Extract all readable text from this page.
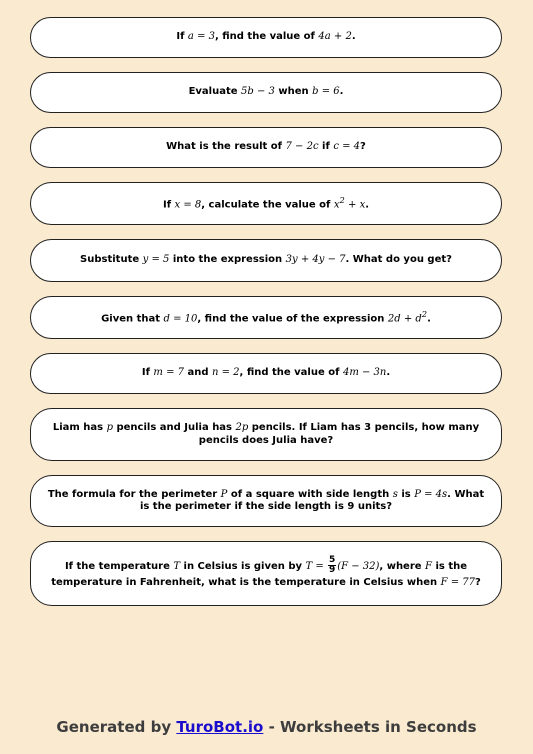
If a = 3, find the value of 4a + 2.
Evaluate 5b − 3 when b = 6.
What is the result of 7 − 2c if c = 4?
If x = 8, calculate the value of $x^2 + x$.
Substitute y = 5 into the expression 3y + 4y − 7. What do you get?
Given that d = 10, find the value of the expression $2d + d^2$.
If m = 7 and n = 2, find the value of 4m − 3n.
Liam has p pencils and Julia has 2p pencils. If Liam has 3 pencils, how many pencils does Julia have?
The formula for the perimeter P of a square with side length s is P = 4s. What is the perimeter if the side length is 9 units?
If the temperature T in Celsius is given by $T = \frac{5}{9} (F - 32)$, where F is the temperature in Fahrenheit, what is the temperature in Celsius when F = 77?
Generated by TuroBot.io - Worksheets in Seconds
